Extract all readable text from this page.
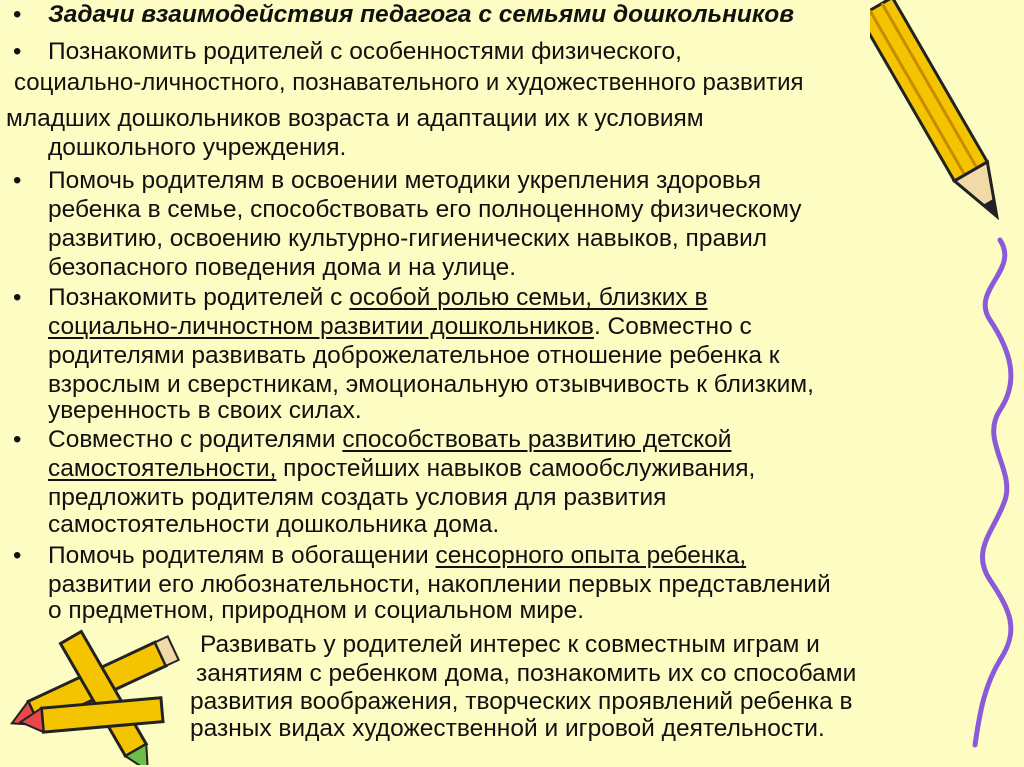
•
•
•
•
•
•
Задачи взаимодействия педагога с семьями дошкольников
Познакомить родителей с особенностями физического,
социально-личностного, познавательного и художественного развития
младших дошкольников возраста и адаптации их к условиям
дошкольного учреждения.
Помочь родителям в освоении методики укрепления здоровья
ребенка в семье, способствовать его полноценному физическому
развитию, освоению культурно-гигиенических навыков, правил
безопасного поведения дома и на улице.
Познакомить родителей с особой ролью семьи, близких в
социально-личностном развитии дошкольников. Совместно с
родителями развивать доброжелательное отношение ребенка к
взрослым и сверстникам, эмоциональную отзывчивость к близким,
уверенность в своих силах.
Совместно с родителями способствовать развитию детской
самостоятельности, простейших навыков самообслуживания,
предложить родителям создать условия для развития
самостоятельности дошкольника дома.
Помочь родителям в обогащении сенсорного опыта ребенка,
развитии его любознательности, накоплении первых представлений
о предметном, природном и социальном мире.
Развивать у родителей интерес к совместным играм и
занятиям с ребенком дома, познакомить их со способами
развития воображения, творческих проявлений ребенка в
разных видах художественной и игровой деятельности.
